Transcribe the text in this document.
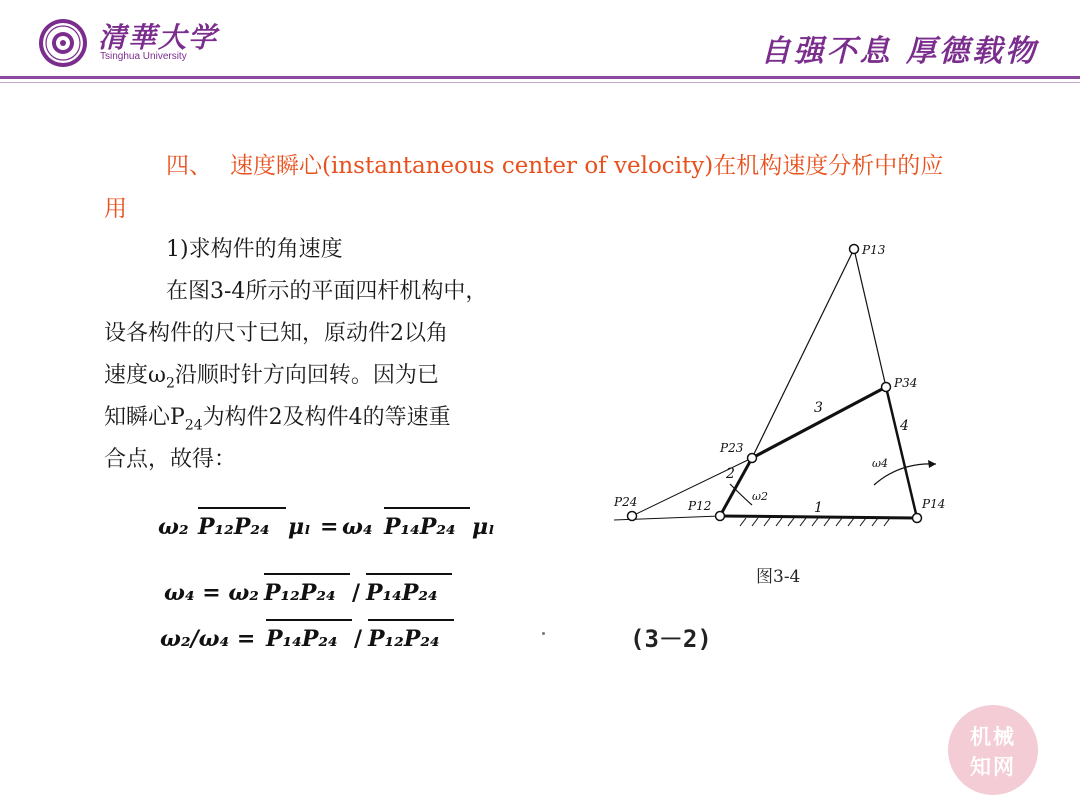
清華大学
Tsinghua University	自强不息 厚德载物
四、 速度瞬心(instantaneous center of velocity)在机构速度分析中的应
用
1)求构件的角速度
在图3-4所示的平面四杆机构中，
设各构件的尺寸已知，原动件2以角
速度$\omega_2$沿顺时针方向回转。因为已
知瞬心$P_{24}$为构件2及构件4的等速重
合点，故得：
ω₂ P₁₂P₂₄ μₗ = ω₄ P₁₄P₂₄ μₗ
ω₄ = ω₂ P₁₂P₂₄ / P₁₄P₂₄
ω₂/ω₄ = P₁₄P₂₄ / P₁₂P₂₄	(3－2)
P13
P34
P23
P24	P12	P14
1
2
3
4
ω2
ω4
图3-4
机械
知网
